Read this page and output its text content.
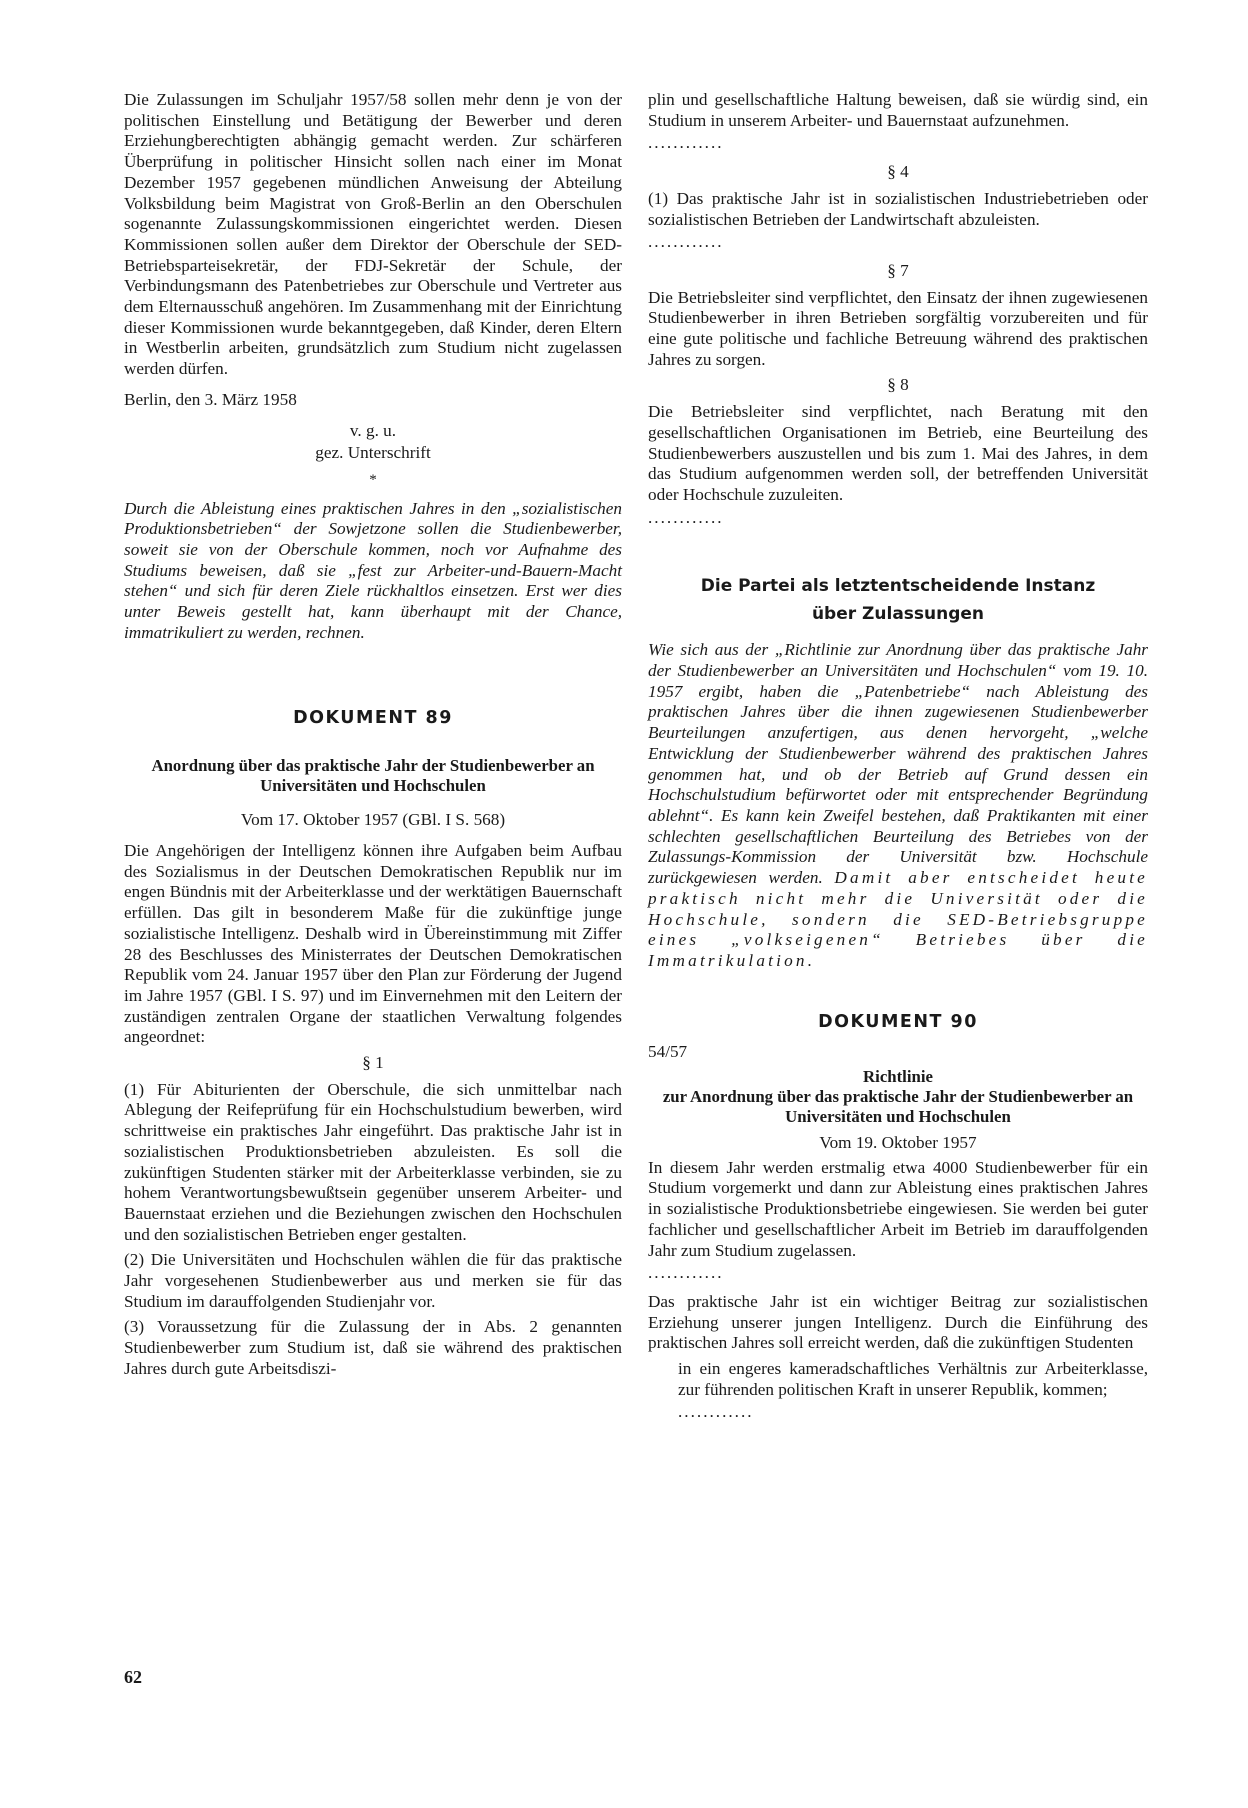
Die Zulassungen im Schuljahr 1957/58 sollen mehr denn je von der politischen Einstellung und Betätigung der Bewerber und deren Erziehungberechtigten abhängig gemacht werden. Zur schärferen Überprüfung in politischer Hinsicht sollen nach einer im Monat Dezember 1957 gegebenen mündlichen Anweisung der Abteilung Volksbildung beim Magistrat von Groß-Berlin an den Oberschulen sogenannte Zulassungskommissionen eingerichtet werden. Diesen Kommissionen sollen außer dem Direktor der Oberschule der SED-Betriebsparteisekretär, der FDJ-Sekretär der Schule, der Verbindungsmann des Patenbetriebes zur Oberschule und Vertreter aus dem Elternausschuß angehören. Im Zusammenhang mit der Einrichtung dieser Kommissionen wurde bekanntgegeben, daß Kinder, deren Eltern in Westberlin arbeiten, grundsätzlich zum Studium nicht zugelassen werden dürfen.

Berlin, den 3. März 1958

v. g. u.

gez. Unterschrift

*

Durch die Ableistung eines praktischen Jahres in den „sozialistischen Produktionsbetrieben“ der Sowjetzone sollen die Studienbewerber, soweit sie von der Oberschule kommen, noch vor Aufnahme des Studiums beweisen, daß sie „fest zur Arbeiter-und-Bauern-Macht stehen“ und sich für deren Ziele rückhaltlos einsetzen. Erst wer dies unter Beweis gestellt hat, kann überhaupt mit der Chance, immatrikuliert zu werden, rechnen.

DOKUMENT 89
Anordnung über das praktische Jahr der Studienbewerber an Universitäten und Hochschulen
Vom 17. Oktober 1957 (GBl. I S. 568)

Die Angehörigen der Intelligenz können ihre Aufgaben beim Aufbau des Sozialismus in der Deutschen Demokratischen Republik nur im engen Bündnis mit der Arbeiterklasse und der werktätigen Bauernschaft erfüllen. Das gilt in besonderem Maße für die zukünftige junge sozialistische Intelligenz. Deshalb wird in Übereinstimmung mit Ziffer 28 des Beschlusses des Ministerrates der Deutschen Demokratischen Republik vom 24. Januar 1957 über den Plan zur Förderung der Jugend im Jahre 1957 (GBl. I S. 97) und im Einvernehmen mit den Leitern der zuständigen zentralen Organe der staatlichen Verwaltung folgendes angeordnet:

§ 1

(1) Für Abiturienten der Oberschule, die sich unmittelbar nach Ablegung der Reifeprüfung für ein Hochschulstudium bewerben, wird schrittweise ein praktisches Jahr eingeführt. Das praktische Jahr ist in sozialistischen Produktionsbetrieben abzuleisten. Es soll die zukünftigen Studenten stärker mit der Arbeiterklasse verbinden, sie zu hohem Verantwortungsbewußtsein gegenüber unserem Arbeiter- und Bauernstaat erziehen und die Beziehungen zwischen den Hochschulen und den sozialistischen Betrieben enger gestalten.

(2) Die Universitäten und Hochschulen wählen die für das praktische Jahr vorgesehenen Studienbewerber aus und merken sie für das Studium im darauffolgenden Studienjahr vor.

(3) Voraussetzung für die Zulassung der in Abs. 2 genannten Studienbewerber zum Studium ist, daß sie während des praktischen Jahres durch gute Arbeitsdiszi-

plin und gesellschaftliche Haltung beweisen, daß sie würdig sind, ein Studium in unserem Arbeiter- und Bauernstaat aufzunehmen.

............
§ 4

(1) Das praktische Jahr ist in sozialistischen Industriebetrieben oder sozialistischen Betrieben der Landwirtschaft abzuleisten.

............
§ 7

Die Betriebsleiter sind verpflichtet, den Einsatz der ihnen zugewiesenen Studienbewerber in ihren Betrieben sorgfältig vorzubereiten und für eine gute politische und fachliche Betreuung während des praktischen Jahres zu sorgen.

§ 8

Die Betriebsleiter sind verpflichtet, nach Beratung mit den gesellschaftlichen Organisationen im Betrieb, eine Beurteilung des Studienbewerbers auszustellen und bis zum 1. Mai des Jahres, in dem das Studium aufgenommen werden soll, der betreffenden Universität oder Hochschule zuzuleiten.

............
Die Partei als letztentscheidende Instanz
über Zulassungen

Wie sich aus der „Richtlinie zur Anordnung über das praktische Jahr der Studienbewerber an Universitäten und Hochschulen“ vom 19. 10. 1957 ergibt, haben die „Patenbetriebe“ nach Ableistung des praktischen Jahres über die ihnen zugewiesenen Studienbewerber Beurteilungen anzufertigen, aus denen hervorgeht, „welche Entwicklung der Studienbewerber während des praktischen Jahres genommen hat, und ob der Betrieb auf Grund dessen ein Hochschulstudium befürwortet oder mit entsprechender Begründung ablehnt“. Es kann kein Zweifel bestehen, daß Praktikanten mit einer schlechten gesellschaftlichen Beurteilung des Betriebes von der Zulassungs-Kommission der Universität bzw. Hochschule zurückgewiesen werden. Damit aber entscheidet heute praktisch nicht mehr die Universität oder die Hochschule, sondern die SED-Betriebsgruppe eines „volkseigenen“ Betriebes über die Immatrikulation.

DOKUMENT 90
54/57
Richtlinie
zur Anordnung über das praktische Jahr der Studienbewerber an Universitäten und Hochschulen
Vom 19. Oktober 1957

In diesem Jahr werden erstmalig etwa 4000 Studienbewerber für ein Studium vorgemerkt und dann zur Ableistung eines praktischen Jahres in sozialistische Produktionsbetriebe eingewiesen. Sie werden bei guter fachlicher und gesellschaftlicher Arbeit im Betrieb im darauffolgenden Jahr zum Studium zugelassen.

............

Das praktische Jahr ist ein wichtiger Beitrag zur sozialistischen Erziehung unserer jungen Intelligenz. Durch die Einführung des praktischen Jahres soll erreicht werden, daß die zukünftigen Studenten

in ein engeres kameradschaftliches Verhältnis zur Arbeiterklasse, zur führenden politischen Kraft in unserer Republik, kommen;

............
62
